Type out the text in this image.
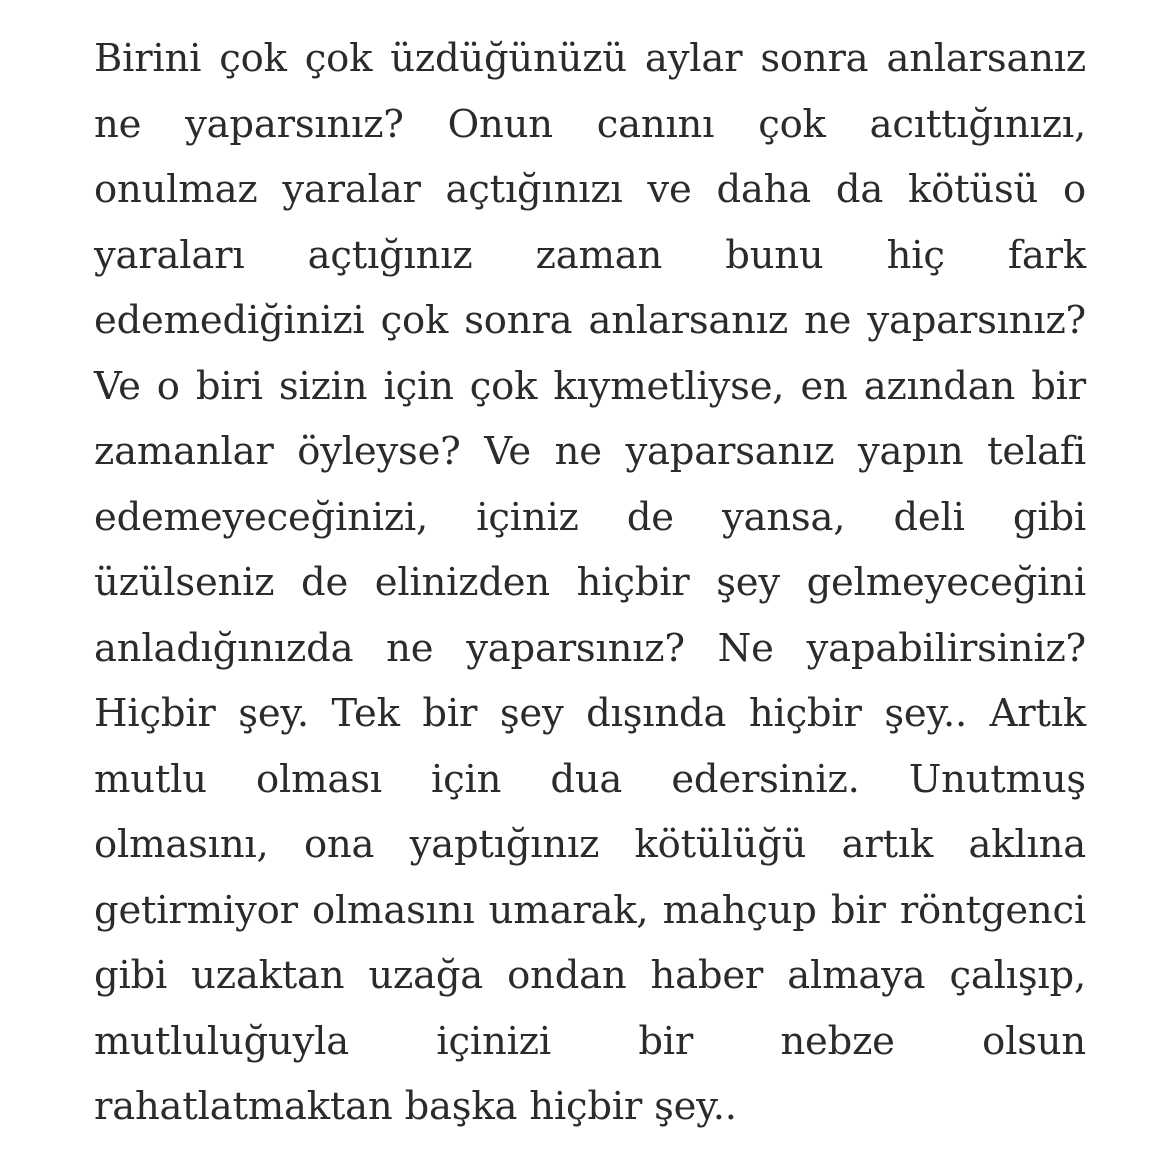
Birini çok çok üzdüğünüzü aylar sonra anlarsanız
ne yaparsınız? Onun canını çok acıttığınızı,
onulmaz yaralar açtığınızı ve daha da kötüsü o
yaraları açtığınız zaman bunu hiç fark
edemediğinizi çok sonra anlarsanız ne yaparsınız?
Ve o biri sizin için çok kıymetliyse, en azından bir
zamanlar öyleyse? Ve ne yaparsanız yapın telafi
edemeyeceğinizi, içiniz de yansa, deli gibi
üzülseniz de elinizden hiçbir şey gelmeyeceğini
anladığınızda ne yaparsınız? Ne yapabilirsiniz?
Hiçbir şey. Tek bir şey dışında hiçbir şey.. Artık
mutlu olması için dua edersiniz. Unutmuş
olmasını, ona yaptığınız kötülüğü artık aklına
getirmiyor olmasını umarak, mahçup bir röntgenci
gibi uzaktan uzağa ondan haber almaya çalışıp,
mutluluğuyla içinizi bir nebze olsun
rahatlatmaktan başka hiçbir şey..
